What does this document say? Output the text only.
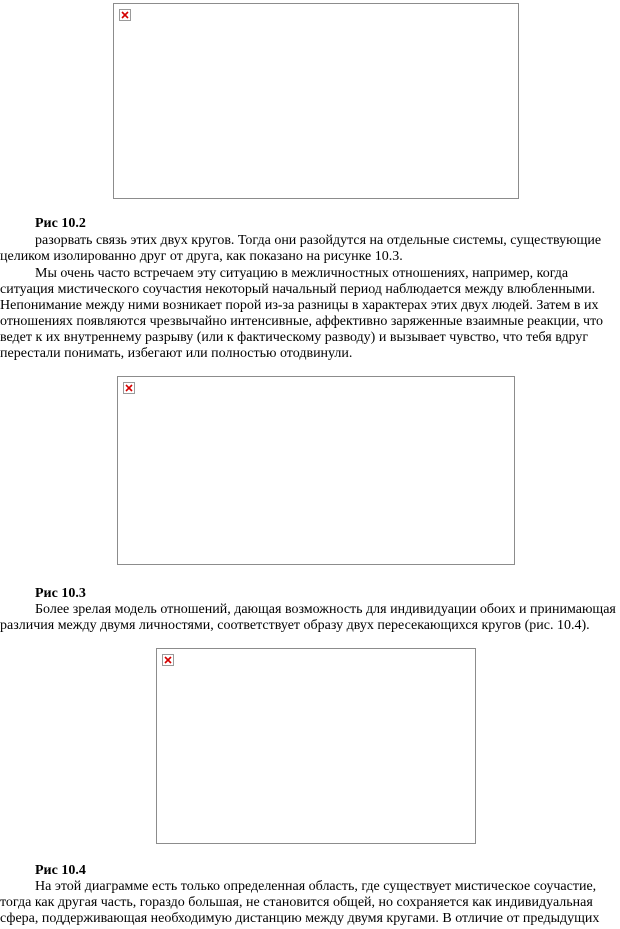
Рис 10.2
разорвать связь этих двух кругов. Тогда они разойдутся на отдельные системы, существующие
целиком изолированно друг от друга, как показано на рисунке 10.3.
Мы очень часто встречаем эту ситуацию в межличностных отношениях, например, когда
ситуация мистического соучастия некоторый начальный период наблюдается между влюбленными.
Непонимание между ними возникает порой из-за разницы в характерах этих двух людей. Затем в их
отношениях появляются чрезвычайно интенсивные, аффективно заряженные взаимные реакции, что
ведет к их внутреннему разрыву (или к фактическому разводу) и вызывает чувство, что тебя вдруг
перестали понимать, избегают или полностью отодвинули.
Рис 10.3
Более зрелая модель отношений, дающая возможность для индивидуации обоих и принимающая
различия между двумя личностями, соответствует образу двух пересекающихся кругов (рис. 10.4).
Рис 10.4
На этой диаграмме есть только определенная область, где существует мистическое соучастие,
тогда как другая часть, гораздо большая, не становится общей, но сохраняется как индивидуальная
сфера, поддерживающая необходимую дистанцию между двумя кругами. В отличие от предыдущих
